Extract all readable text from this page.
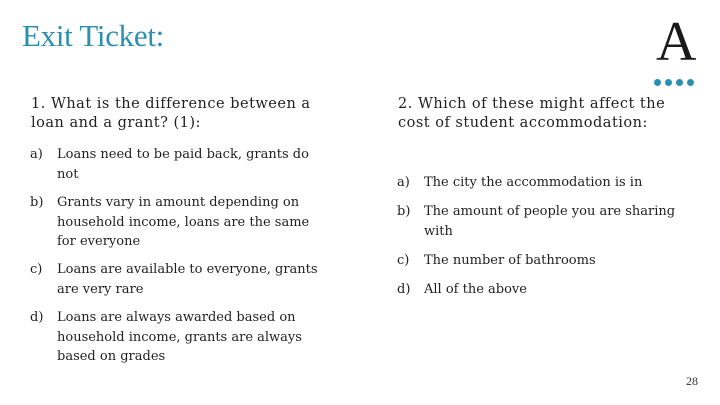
Exit Ticket:	A
1. What is the difference between a loan and a grant? (1):
a)	Loans need to be paid back, grants do not
b)	Grants vary in amount depending on household income, loans are the same for everyone
c)	Loans are available to everyone, grants are very rare
d)	Loans are always awarded based on household income, grants are always based on grades
2. Which of these might affect the cost of student accommodation:
a)	The city the accommodation is in
b)	The amount of people you are sharing with
c)	The number of bathrooms
d)	All of the above
28
